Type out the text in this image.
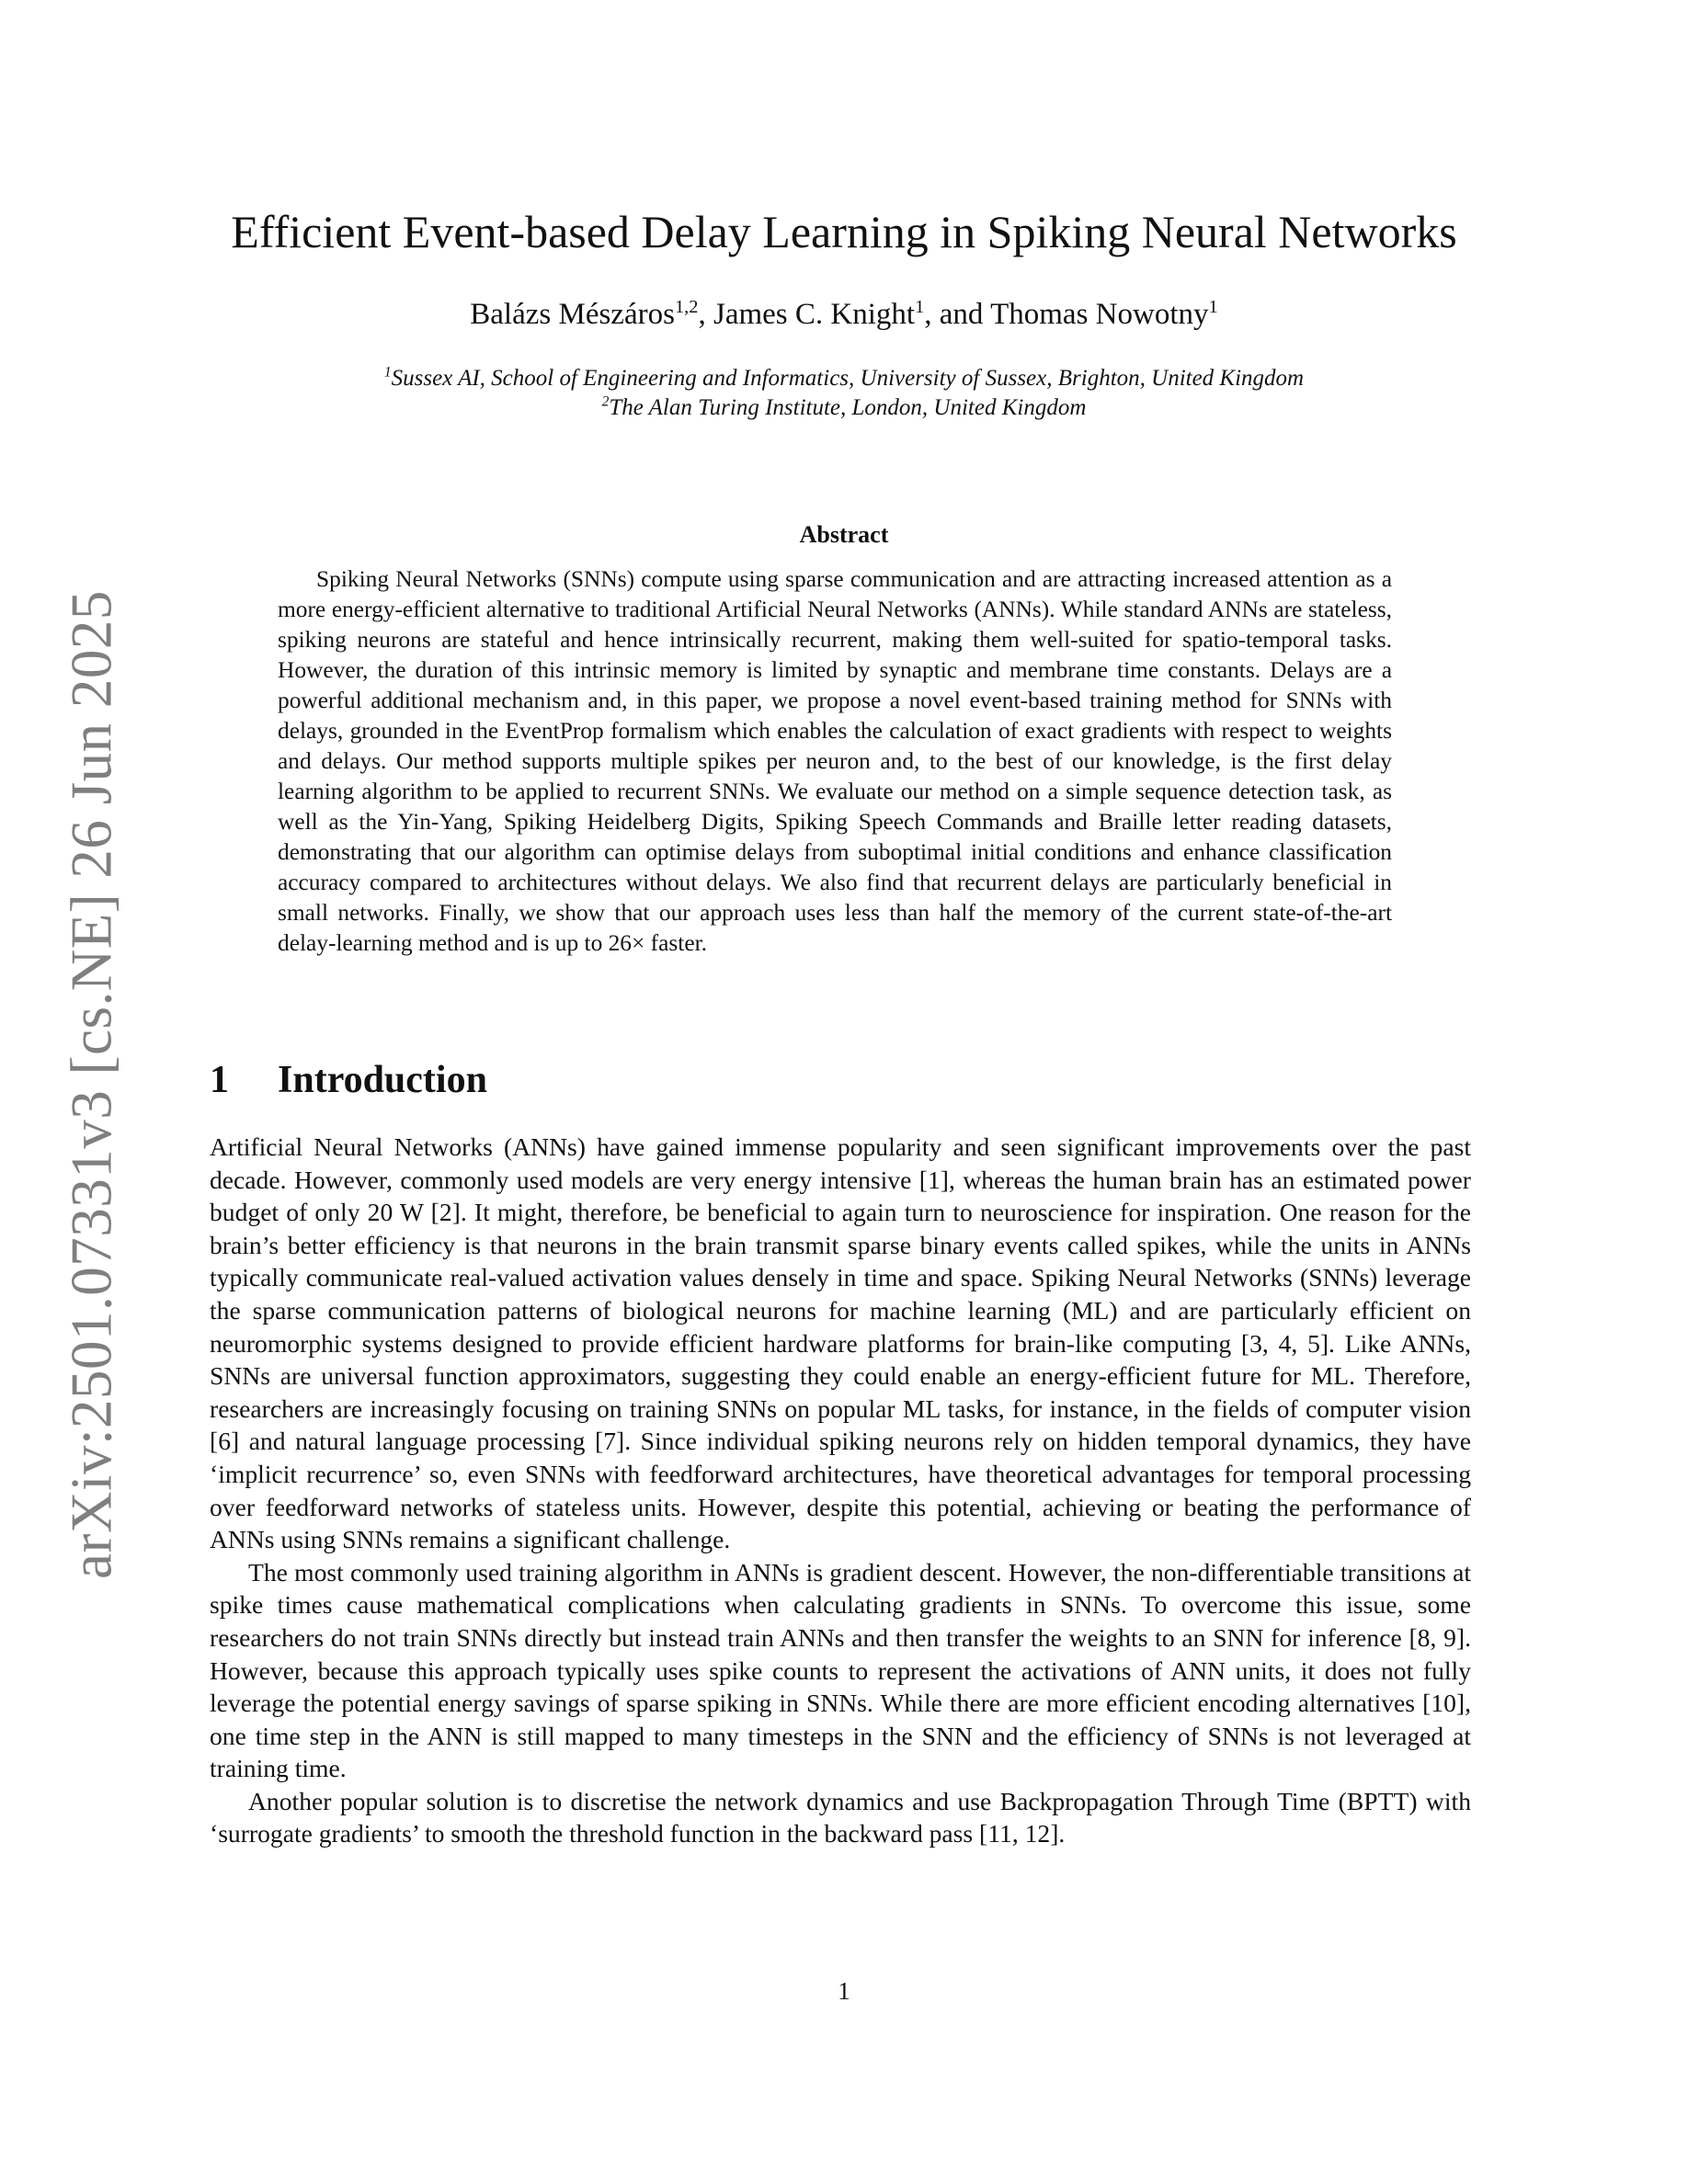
arXiv:2501.07331v3 [cs.NE] 26 Jun 2025
Efficient Event-based Delay Learning in Spiking Neural Networks
Balázs Mészáros$^{1,2}$, James C. Knight$^1$, and Thomas Nowotny$^1$
$^1$Sussex AI, School of Engineering and Informatics, University of Sussex, Brighton, United Kingdom
$^2$The Alan Turing Institute, London, United Kingdom
Abstract

Spiking Neural Networks (SNNs) compute using sparse communication and are attracting increased attention as a more energy-efficient alternative to traditional Artificial Neural Networks (ANNs). While standard ANNs are stateless, spiking neurons are stateful and hence intrinsically recurrent, making them well-suited for spatio-temporal tasks. However, the duration of this intrinsic memory is limited by synaptic and membrane time constants. Delays are a powerful additional mechanism and, in this paper, we propose a novel event-based training method for SNNs with delays, grounded in the EventProp formalism which enables the calculation of exact gradients with respect to weights and delays. Our method supports multiple spikes per neuron and, to the best of our knowledge, is the first delay learning algorithm to be applied to recurrent SNNs. We evaluate our method on a simple sequence detection task, as well as the Yin-Yang, Spiking Heidelberg Digits, Spiking Speech Commands and Braille letter reading datasets, demonstrating that our algorithm can optimise delays from suboptimal initial conditions and enhance classification accuracy compared to architectures without delays. We also find that recurrent delays are particularly beneficial in small networks. Finally, we show that our approach uses less than half the memory of the current state-of-the-art delay-learning method and is up to 26× faster.

1 Introduction

Artificial Neural Networks (ANNs) have gained immense popularity and seen significant improvements over the past decade. However, commonly used models are very energy intensive [1], whereas the human brain has an estimated power budget of only 20 W [2]. It might, therefore, be beneficial to again turn to neuroscience for inspiration. One reason for the brain’s better efficiency is that neurons in the brain transmit sparse binary events called spikes, while the units in ANNs typically communicate real-valued activation values densely in time and space. Spiking Neural Networks (SNNs) leverage the sparse communication patterns of biological neurons for machine learning (ML) and are particularly efficient on neuromorphic systems designed to provide efficient hardware platforms for brain-like computing [3, 4, 5]. Like ANNs, SNNs are universal function approximators, suggesting they could enable an energy-efficient future for ML. Therefore, researchers are increasingly focusing on training SNNs on popular ML tasks, for instance, in the fields of computer vision [6] and natural language processing [7]. Since individual spiking neurons rely on hidden temporal dynamics, they have ‘implicit recurrence’ so, even SNNs with feedforward architectures, have theoretical advantages for temporal processing over feedforward networks of stateless units. However, despite this potential, achieving or beating the performance of ANNs using SNNs remains a significant challenge.

The most commonly used training algorithm in ANNs is gradient descent. However, the non-differentiable transitions at spike times cause mathematical complications when calculating gradients in SNNs. To overcome this issue, some researchers do not train SNNs directly but instead train ANNs and then transfer the weights to an SNN for inference [8, 9]. However, because this approach typically uses spike counts to represent the activations of ANN units, it does not fully leverage the potential energy savings of sparse spiking in SNNs. While there are more efficient encoding alternatives [10], one time step in the ANN is still mapped to many timesteps in the SNN and the efficiency of SNNs is not leveraged at training time.

Another popular solution is to discretise the network dynamics and use Backpropagation Through Time (BPTT) with ‘surrogate gradients’ to smooth the threshold function in the backward pass [11, 12].

1
